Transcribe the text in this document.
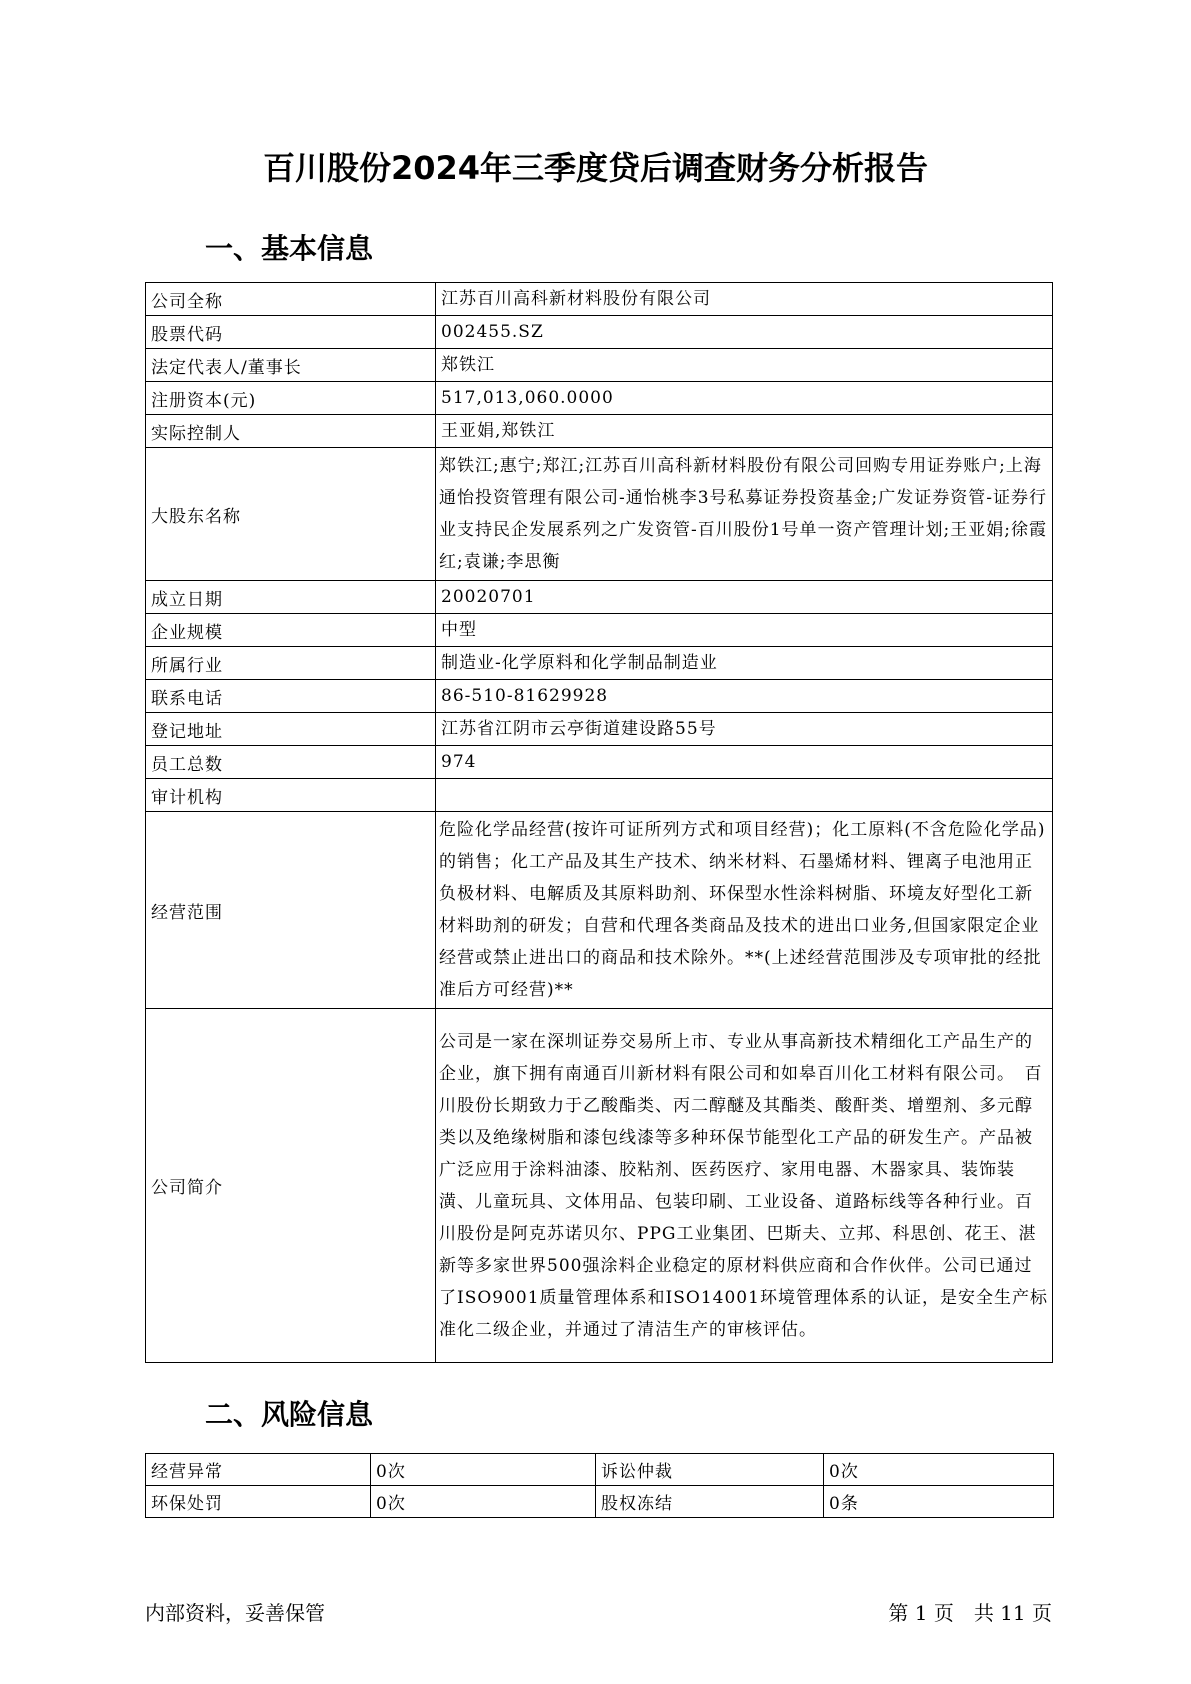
百川股份2024年三季度贷后调查财务分析报告
一、基本信息
公司全称	江苏百川高科新材料股份有限公司
股票代码	002455.SZ
法定代表人/董事长	郑铁江
注册资本(元)	517,013,060.0000
实际控制人	王亚娟,郑铁江
大股东名称	郑铁江;惠宁;郑江;江苏百川高科新材料股份有限公司回购专用证券账户;上海通怡投资管理有限公司-通怡桃李3号私募证券投资基金;广发证券资管-证券行业支持民企发展系列之广发资管-百川股份1号单一资产管理计划;王亚娟;徐霞红;袁谦;李思衡
成立日期	20020701
企业规模	中型
所属行业	制造业-化学原料和化学制品制造业
联系电话	86-510-81629928
登记地址	江苏省江阴市云亭街道建设路55号
员工总数	974
审计机构	
经营范围	危险化学品经营(按许可证所列方式和项目经营)；化工原料(不含危险化学品)的销售；化工产品及其生产技术、纳米材料、石墨烯材料、锂离子电池用正负极材料、电解质及其原料助剂、环保型水性涂料树脂、环境友好型化工新材料助剂的研发；自营和代理各类商品及技术的进出口业务,但国家限定企业经营或禁止进出口的商品和技术除外。**(上述经营范围涉及专项审批的经批准后方可经营)**
公司简介	公司是一家在深圳证券交易所上市、专业从事高新技术精细化工产品生产的企业，旗下拥有南通百川新材料有限公司和如皋百川化工材料有限公司。　百川股份长期致力于乙酸酯类、丙二醇醚及其酯类、酸酐类、增塑剂、多元醇类以及绝缘树脂和漆包线漆等多种环保节能型化工产品的研发生产。产品被广泛应用于涂料油漆、胶粘剂、医药医疗、家用电器、木器家具、装饰装潢、儿童玩具、文体用品、包装印刷、工业设备、道路标线等各种行业。百川股份是阿克苏诺贝尔、PPG工业集团、巴斯夫、立邦、科思创、花王、湛新等多家世界500强涂料企业稳定的原材料供应商和合作伙伴。公司已通过了ISO9001质量管理体系和ISO14001环境管理体系的认证，是安全生产标准化二级企业，并通过了清洁生产的审核评估。
二、风险信息
经营异常	0次	诉讼仲裁	0次
环保处罚	0次	股权冻结	0条
内部资料，妥善保管	第 1 页　共 11 页
